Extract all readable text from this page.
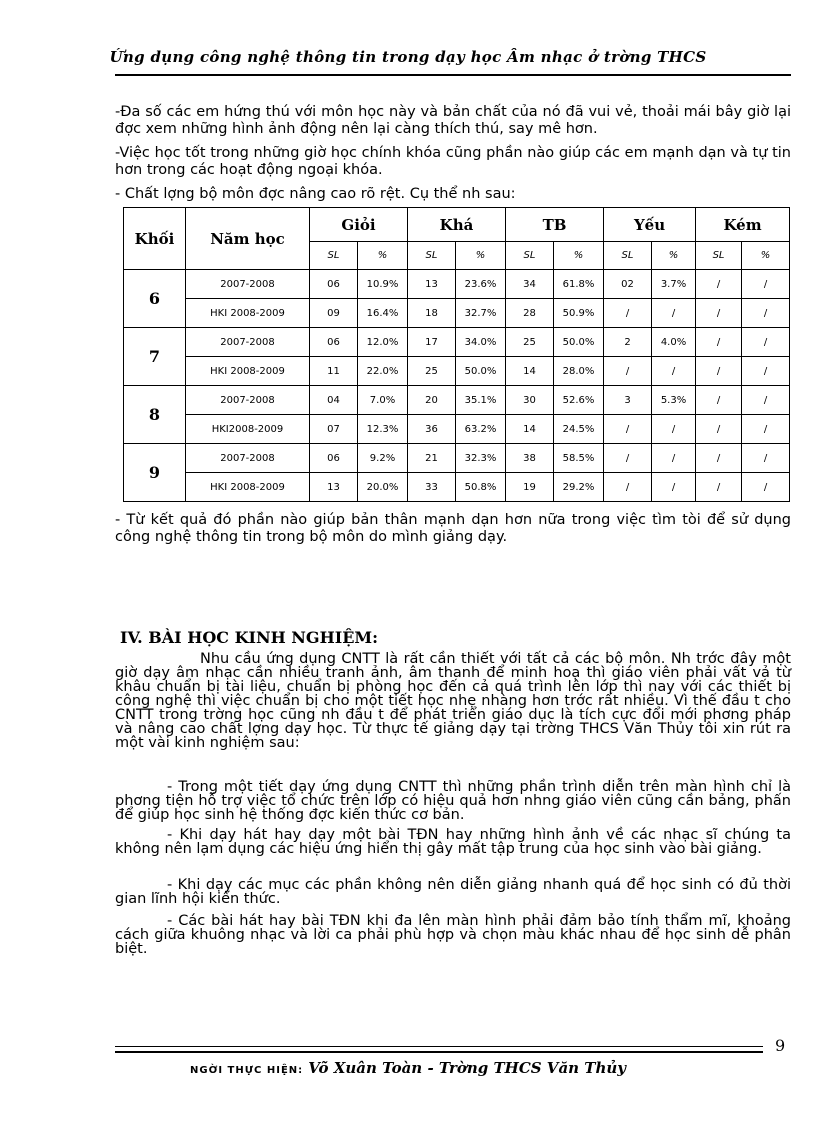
Ứng dụng công nghệ thông tin trong dạy học Âm nhạc ở trờng THCS
-Đa số các em hứng thú với môn học này và bản chất của nó đã vui vẻ, thoải mái bây giờ lại đợc xem những hình ảnh động nên lại càng thích thú, say mê hơn.
-Việc học tốt trong những giờ học chính khóa cũng phần nào giúp các em mạnh dạn và tự tin hơn trong các hoạt động ngoại khóa.
- Chất lợng bộ môn đợc nâng cao rõ rệt. Cụ thể nh sau:
Khối	Năm học	Giỏi		Khá		TB		Yếu		Kém	
		SL	%	SL	%	SL	%	SL	%	SL	%
6	2007-2008	06	10.9%	13	23.6%	34	61.8%	02	3.7%	/	/
	HKI 2008-2009	09	16.4%	18	32.7%	28	50.9%	/	/	/	/
7	2007-2008	06	12.0%	17	34.0%	25	50.0%	2	4.0%	/	/
	HKI 2008-2009	11	22.0%	25	50.0%	14	28.0%	/	/	/	/
8	2007-2008	04	7.0%	20	35.1%	30	52.6%	3	5.3%	/	/
	HKI2008-2009	07	12.3%	36	63.2%	14	24.5%	/	/	/	/
9	2007-2008	06	9.2%	21	32.3%	38	58.5%	/	/	/	/
	HKI 2008-2009	13	20.0%	33	50.8%	19	29.2%	/	/	/	/
- Từ kết quả đó phần nào giúp bản thân mạnh dạn hơn nữa trong việc tìm tòi để sử dụng công nghệ thông tin trong bộ môn do mình giảng dạy.
IV. BÀI HỌC KINH NGHIỆM:
Nhu cầu ứng dụng CNTT là rất cần thiết với tất cả các bộ môn. Nh trớc đây một giờ dạy âm nhạc cần nhiều tranh ảnh, âm thanh để minh hoạ thì giáo viên phải vất vả từ khâu chuẩn bị tài liệu, chuẩn bị phòng học đến cả quá trình lên lớp thì nay với các thiết bị công nghệ thì việc chuẩn bị cho một tiết học nhẹ nhàng hơn trớc rất nhiều. Vì thế đầu t cho CNTT trong trờng học cũng nh đầu t để phát triển giáo dục là tích cực đổi mới phơng pháp và nâng cao chất lợng dạy học. Từ thực tế giảng dạy tại trờng THCS Văn Thủy tôi xin rút ra một vài kinh nghiệm sau:
- Trong một tiết dạy ứng dụng CNTT thì những phần trình diễn trên màn hình chỉ là phơng tiện hỗ trợ việc tổ chức trên lớp có hiệu quả hơn nhng giáo viên cũng cần bảng, phấn để giúp học sinh hệ thống đợc kiến thức cơ bản.
- Khi dạy hát hay dạy một bài TĐN hay những hình ảnh về các nhạc sĩ chúng ta không nên lạm dụng các hiệu ứng hiển thị gây mất tập trung của học sinh vào bài giảng.
- Khi dạy các mục các phần không nên diễn giảng nhanh quá để học sinh có đủ thời gian lĩnh hội kiến thức.
- Các bài hát hay bài TĐN khi đa lên màn hình phải đảm bảo tính thẩm mĩ, khoảng cách giữa khuông nhạc và lời ca phải phù hợp và chọn màu khác nhau để học sinh dễ phân biệt.
9
NGỜI THỰC HIỆN: Võ Xuân Toàn - Trờng THCS Văn Thủy
